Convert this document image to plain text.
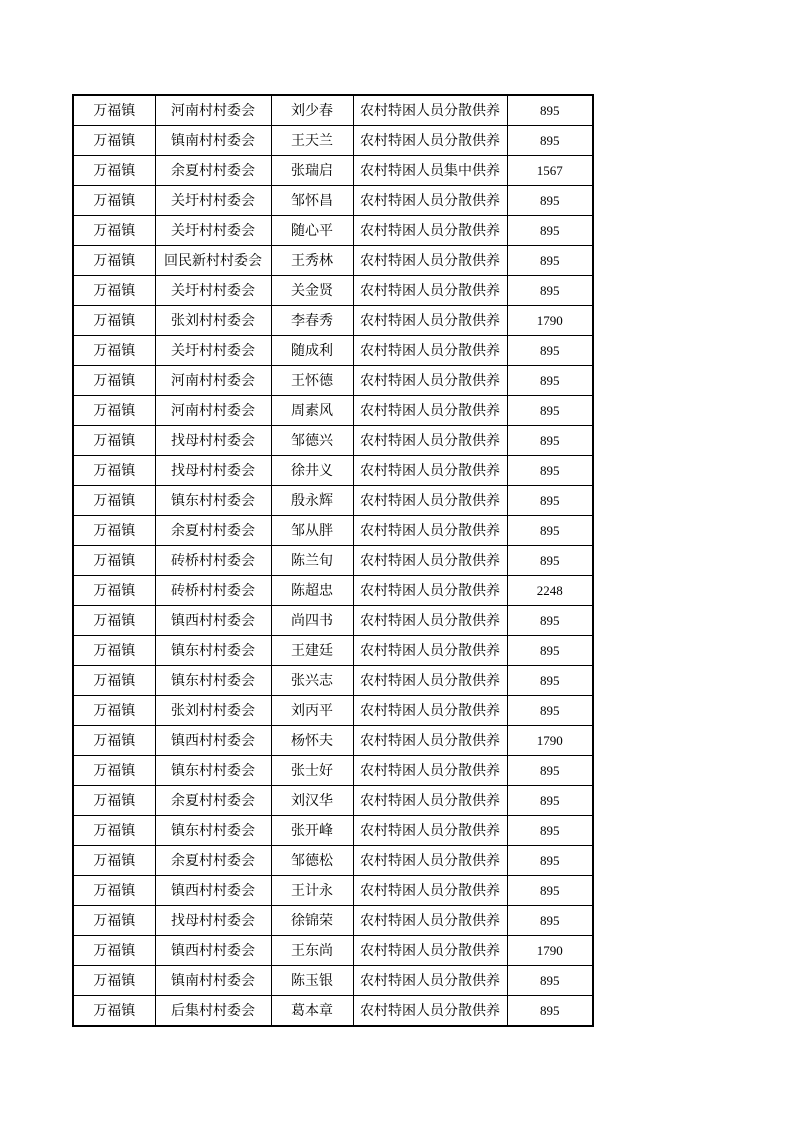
万福镇	河南村村委会	刘少春	农村特困人员分散供养	895
万福镇	镇南村村委会	王天兰	农村特困人员分散供养	895
万福镇	余夏村村委会	张瑞启	农村特困人员集中供养	1567
万福镇	关圩村村委会	邹怀昌	农村特困人员分散供养	895
万福镇	关圩村村委会	随心平	农村特困人员分散供养	895
万福镇	回民新村村委会	王秀林	农村特困人员分散供养	895
万福镇	关圩村村委会	关金贤	农村特困人员分散供养	895
万福镇	张刘村村委会	李春秀	农村特困人员分散供养	1790
万福镇	关圩村村委会	随成利	农村特困人员分散供养	895
万福镇	河南村村委会	王怀德	农村特困人员分散供养	895
万福镇	河南村村委会	周素风	农村特困人员分散供养	895
万福镇	找母村村委会	邹德兴	农村特困人员分散供养	895
万福镇	找母村村委会	徐井义	农村特困人员分散供养	895
万福镇	镇东村村委会	殷永辉	农村特困人员分散供养	895
万福镇	余夏村村委会	邹从胖	农村特困人员分散供养	895
万福镇	砖桥村村委会	陈兰旬	农村特困人员分散供养	895
万福镇	砖桥村村委会	陈超忠	农村特困人员分散供养	2248
万福镇	镇西村村委会	尚四书	农村特困人员分散供养	895
万福镇	镇东村村委会	王建廷	农村特困人员分散供养	895
万福镇	镇东村村委会	张兴志	农村特困人员分散供养	895
万福镇	张刘村村委会	刘丙平	农村特困人员分散供养	895
万福镇	镇西村村委会	杨怀夫	农村特困人员分散供养	1790
万福镇	镇东村村委会	张士好	农村特困人员分散供养	895
万福镇	余夏村村委会	刘汉华	农村特困人员分散供养	895
万福镇	镇东村村委会	张开峰	农村特困人员分散供养	895
万福镇	余夏村村委会	邹德松	农村特困人员分散供养	895
万福镇	镇西村村委会	王计永	农村特困人员分散供养	895
万福镇	找母村村委会	徐锦荣	农村特困人员分散供养	895
万福镇	镇西村村委会	王东尚	农村特困人员分散供养	1790
万福镇	镇南村村委会	陈玉银	农村特困人员分散供养	895
万福镇	后集村村委会	葛本章	农村特困人员分散供养	895
